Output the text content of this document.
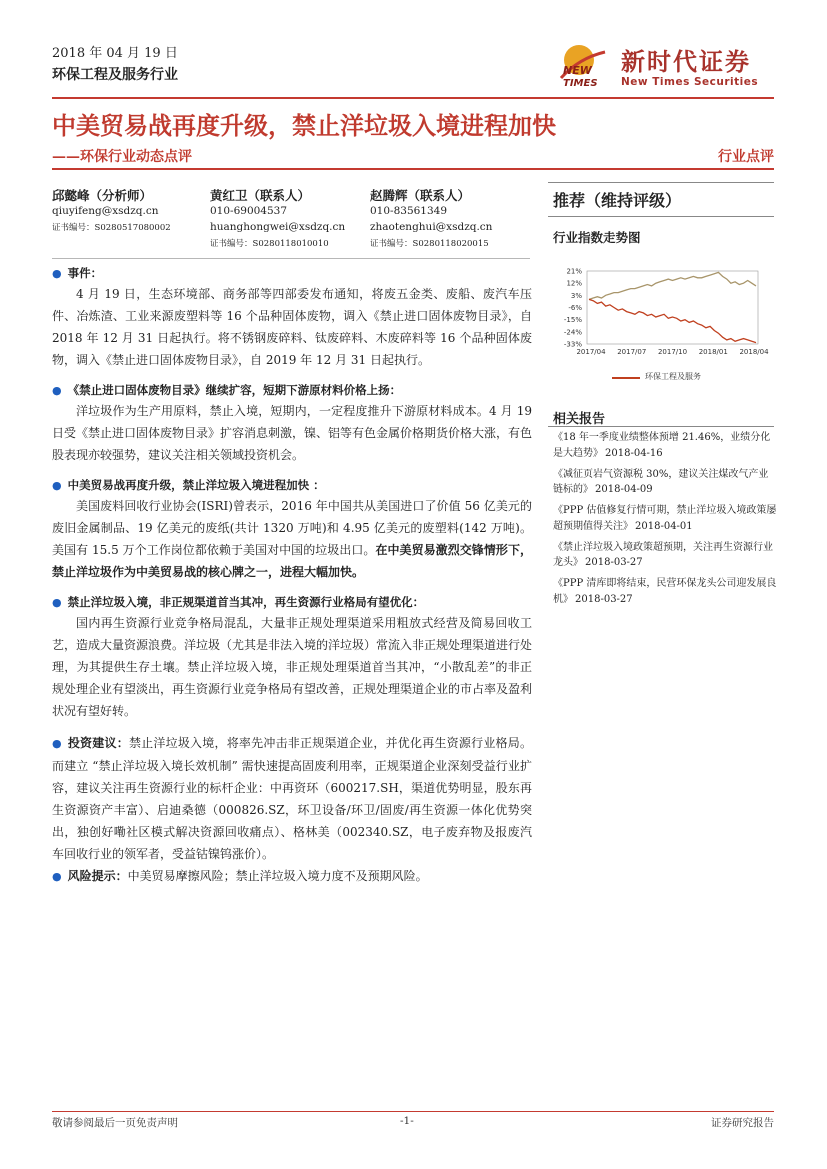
2018 年 04 月 19 日
环保工程及服务行业	NEW
TIMES
新时代证券
New Times Securities
中美贸易战再度升级，禁止洋垃圾入境进程加快
——环保行业动态点评	行业点评
邱懿峰（分析师）
qiuyifeng@xsdzq.cn
证书编号：S0280517080002
黄红卫（联系人）
010-69004537
huanghongwei@xsdzq.cn
证书编号：S0280118010010
赵腾辉（联系人）
010-83561349
zhaotenghui@xsdzq.cn
证书编号：S0280118020015
推荐（维持评级）
行业指数走势图
21%
12%
3%
-6%
-15%
-24%
-33%
2017/04 2017/07 2017/10 2018/01 2018/04
环保工程及服务
相关报告
《18 年一季度业绩整体预增 21.46%，业绩分化是大趋势》 2018-04-16
《减征页岩气资源税 30%，建议关注煤改气产业链标的》 2018-04-09
《PPP 估值修复行情可期，禁止洋垃圾入境政策屡超预期值得关注》 2018-04-01
《禁止洋垃圾入境政策超预期，关注再生资源行业龙头》 2018-03-27
《PPP 清库即将结束，民营环保龙头公司迎发展良机》 2018-03-27
● 事件：

4 月 19 日，生态环境部、商务部等四部委发布通知，将废五金类、废船、废汽车压件、冶炼渣、工业来源废塑料等 16 个品种固体废物，调入《禁止进口固体废物目录》，自 2018 年 12 月 31 日起执行。将不锈钢废碎料、钛废碎料、木废碎料等 16 个品种固体废物，调入《禁止进口固体废物目录》，自 2019 年 12 月 31 日起执行。

● 《禁止进口固体废物目录》继续扩容，短期下游原材料价格上扬：

洋垃圾作为生产用原料，禁止入境，短期内，一定程度推升下游原材料成本。4 月 19 日受《禁止进口固体废物目录》扩容消息刺激，镍、铝等有色金属价格期货价格大涨，有色股表现亦较强势，建议关注相关领域投资机会。

● 中美贸易战再度升级，禁止洋垃圾入境进程加快 ：

美国废料回收行业协会(ISRI)曾表示，2016 年中国共从美国进口了价值 56 亿美元的废旧金属制品、19 亿美元的废纸(共计 1320 万吨)和 4.95 亿美元的废塑料(142 万吨)。美国有 15.5 万个工作岗位都依赖于美国对中国的垃圾出口。在中美贸易激烈交锋情形下，禁止洋垃圾作为中美贸易战的核心牌之一，进程大幅加快。

● 禁止洋垃圾入境，非正规渠道首当其冲，再生资源行业格局有望优化：

国内再生资源行业竞争格局混乱，大量非正规处理渠道采用粗放式经营及简易回收工艺，造成大量资源浪费。洋垃圾（尤其是非法入境的洋垃圾）常流入非正规处理渠道进行处理，为其提供生存土壤。禁止洋垃圾入境，非正规处理渠道首当其冲，“小散乱差”的非正规处理企业有望淡出，再生资源行业竞争格局有望改善，正规处理渠道企业的市占率及盈利状况有望好转。

● 投资建议：禁止洋垃圾入境，将率先冲击非正规渠道企业，并优化再生资源行业格局。而建立 “禁止洋垃圾入境长效机制” 需快速提高固废利用率，正规渠道企业深刻受益行业扩容，建议关注再生资源行业的标杆企业：中再资环（600217.SH，渠道优势明显，股东再生资源资产丰富）、启迪桑德（000826.SZ，环卫设备/环卫/固废/再生资源一体化优势突出，独创好嘞社区模式解决资源回收痛点）、格林美（002340.SZ，电子废弃物及报废汽车回收行业的领军者，受益钴镍钨涨价）。

● 风险提示：中美贸易摩擦风险；禁止洋垃圾入境力度不及预期风险。

敬请参阅最后一页免责声明	-1-	证券研究报告
